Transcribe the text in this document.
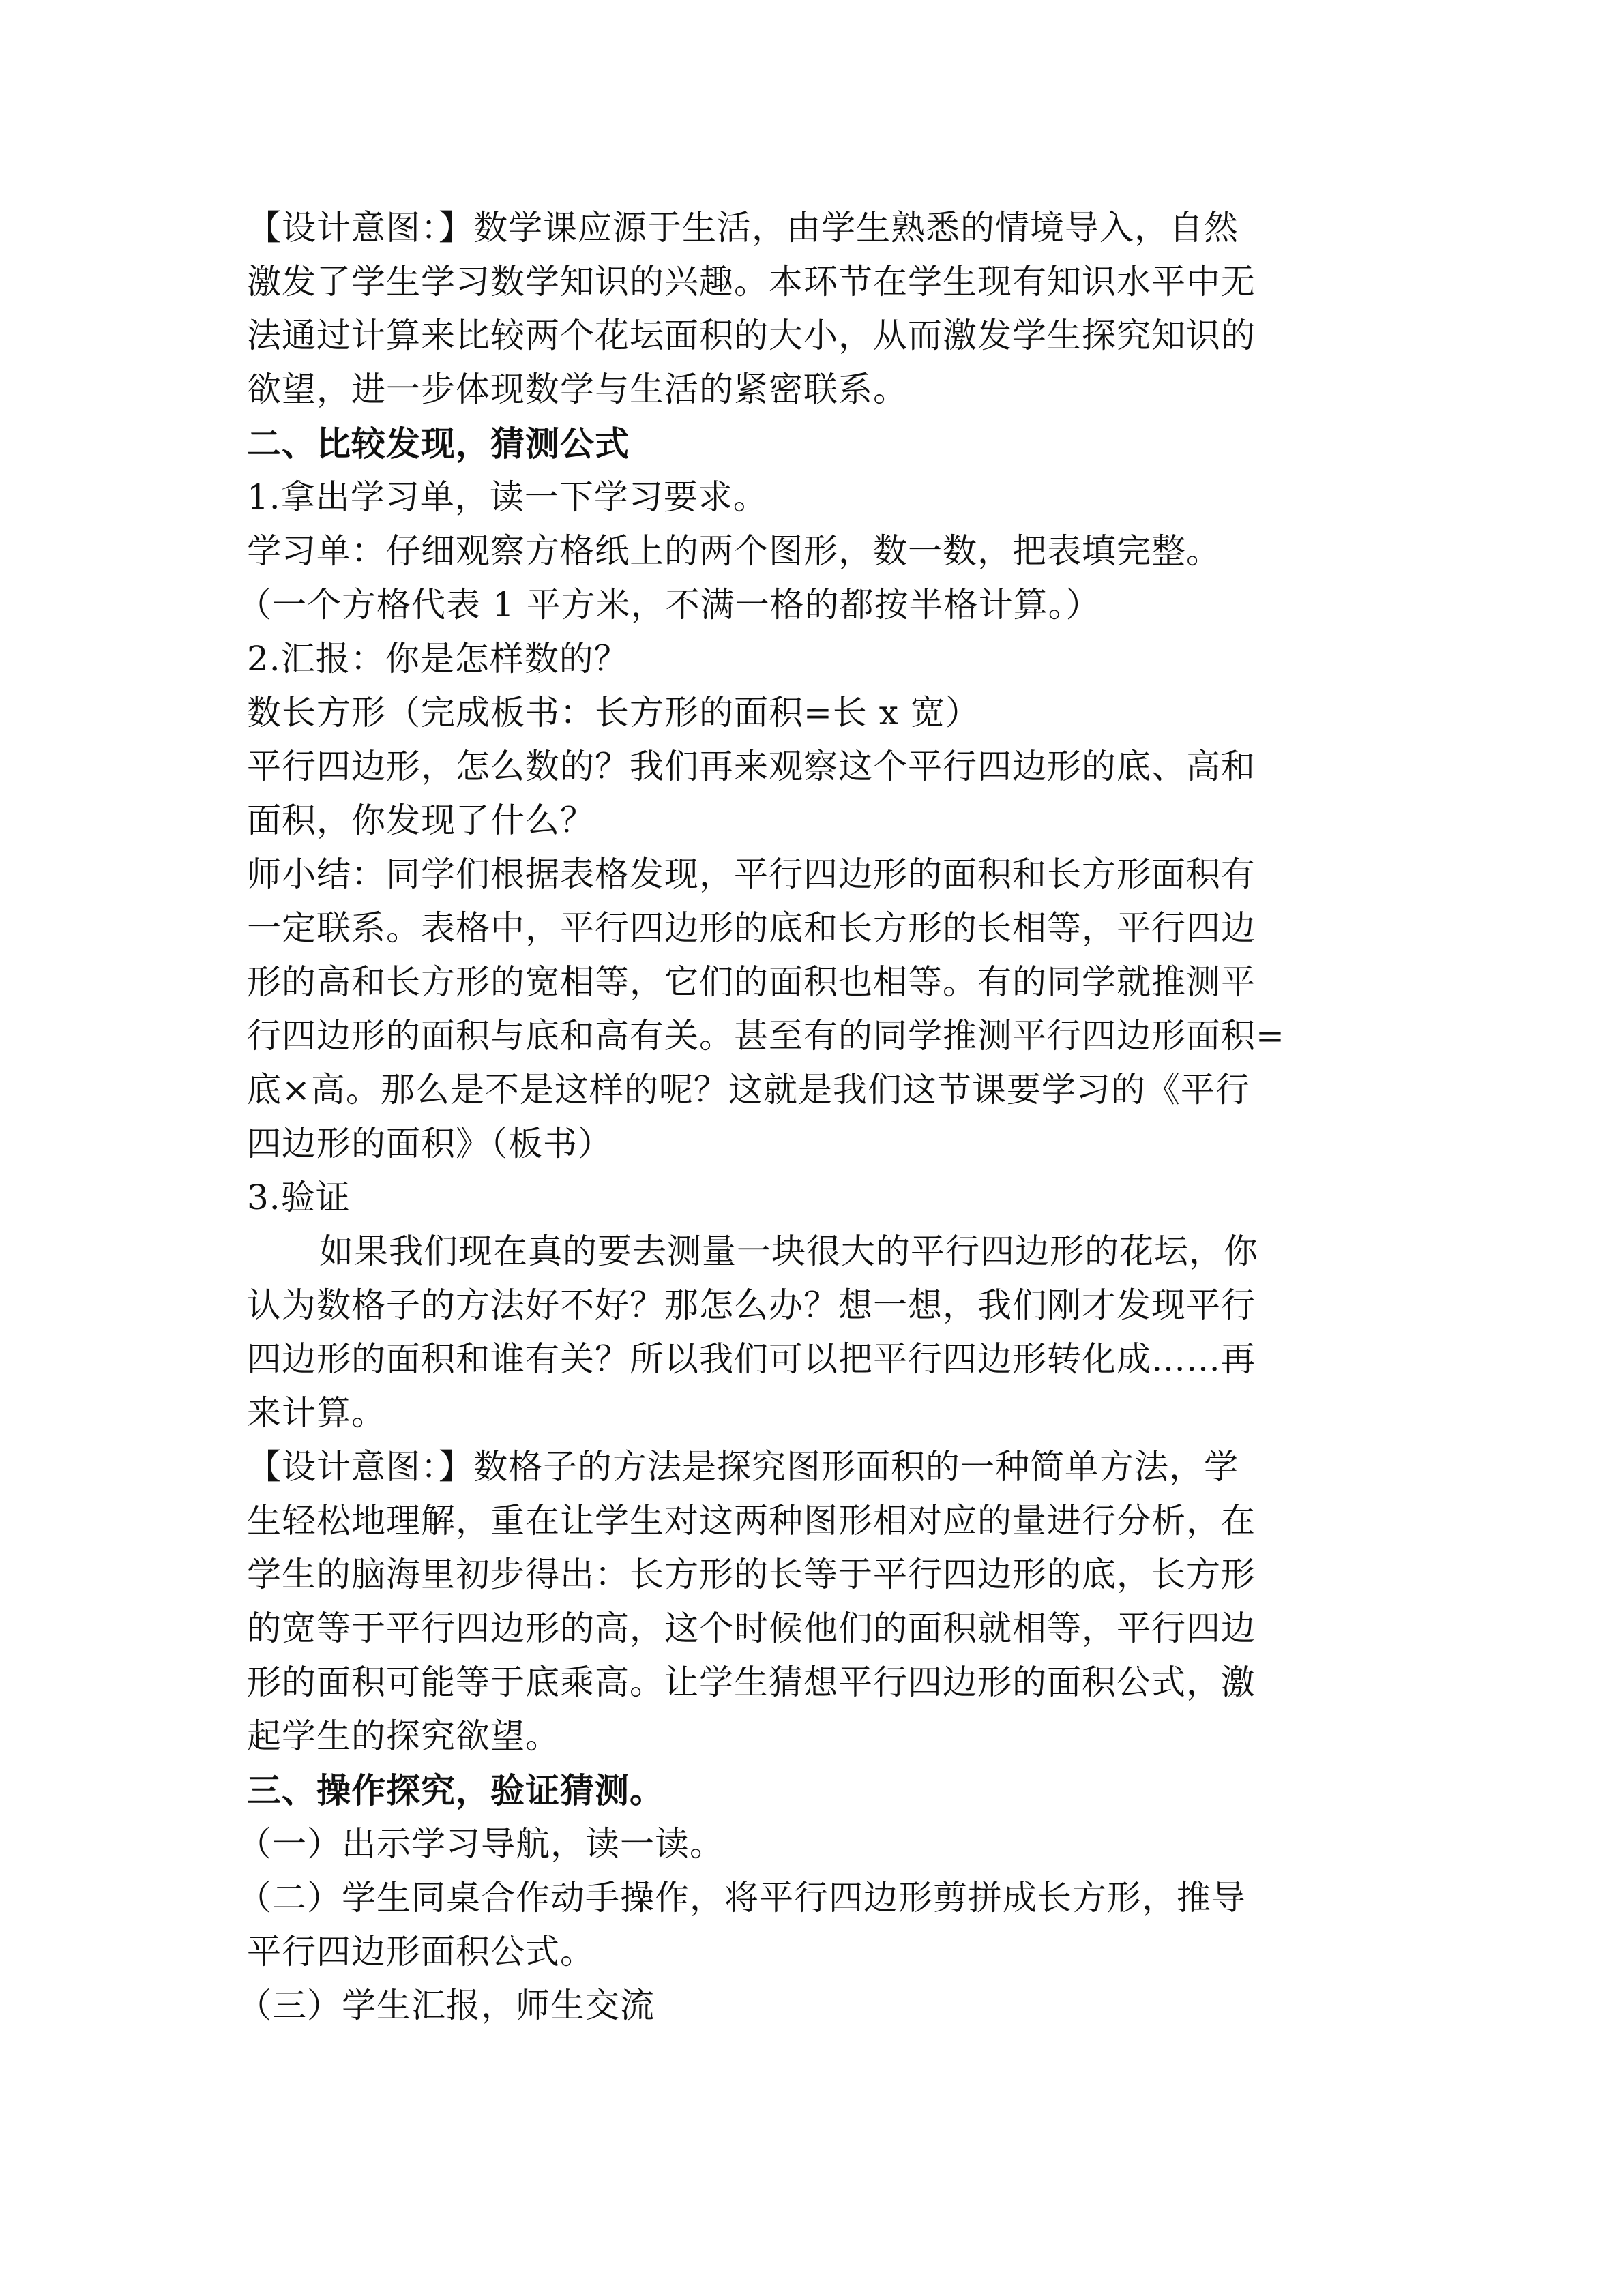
【设计意图：】数学课应源于生活，由学生熟悉的情境导入，自然
激发了学生学习数学知识的兴趣。本环节在学生现有知识水平中无
法通过计算来比较两个花坛面积的大小，从而激发学生探究知识的
欲望，进一步体现数学与生活的紧密联系。
二、比较发现，猜测公式
1.拿出学习单，读一下学习要求。
学习单：仔细观察方格纸上的两个图形，数一数，把表填完整。
（一个方格代表 1 平方米，不满一格的都按半格计算。）
2.汇报：你是怎样数的？
数长方形（完成板书：长方形的面积=长 x 宽）
平行四边形，怎么数的？我们再来观察这个平行四边形的底、高和
面积，你发现了什么？
师小结：同学们根据表格发现，平行四边形的面积和长方形面积有
一定联系。表格中，平行四边形的底和长方形的长相等，平行四边
形的高和长方形的宽相等，它们的面积也相等。有的同学就推测平
行四边形的面积与底和高有关。甚至有的同学推测平行四边形面积=
底×高。那么是不是这样的呢？这就是我们这节课要学习的《平行
四边形的面积》（板书）
3.验证
如果我们现在真的要去测量一块很大的平行四边形的花坛，你
认为数格子的方法好不好？那怎么办？想一想，我们刚才发现平行
四边形的面积和谁有关？所以我们可以把平行四边形转化成……再
来计算。
【设计意图：】数格子的方法是探究图形面积的一种简单方法，学
生轻松地理解，重在让学生对这两种图形相对应的量进行分析，在
学生的脑海里初步得出：长方形的长等于平行四边形的底，长方形
的宽等于平行四边形的高，这个时候他们的面积就相等，平行四边
形的面积可能等于底乘高。让学生猜想平行四边形的面积公式，激
起学生的探究欲望。
三、操作探究，验证猜测。
（一）出示学习导航，读一读。
（二）学生同桌合作动手操作，将平行四边形剪拼成长方形，推导
平行四边形面积公式。
（三）学生汇报，师生交流
